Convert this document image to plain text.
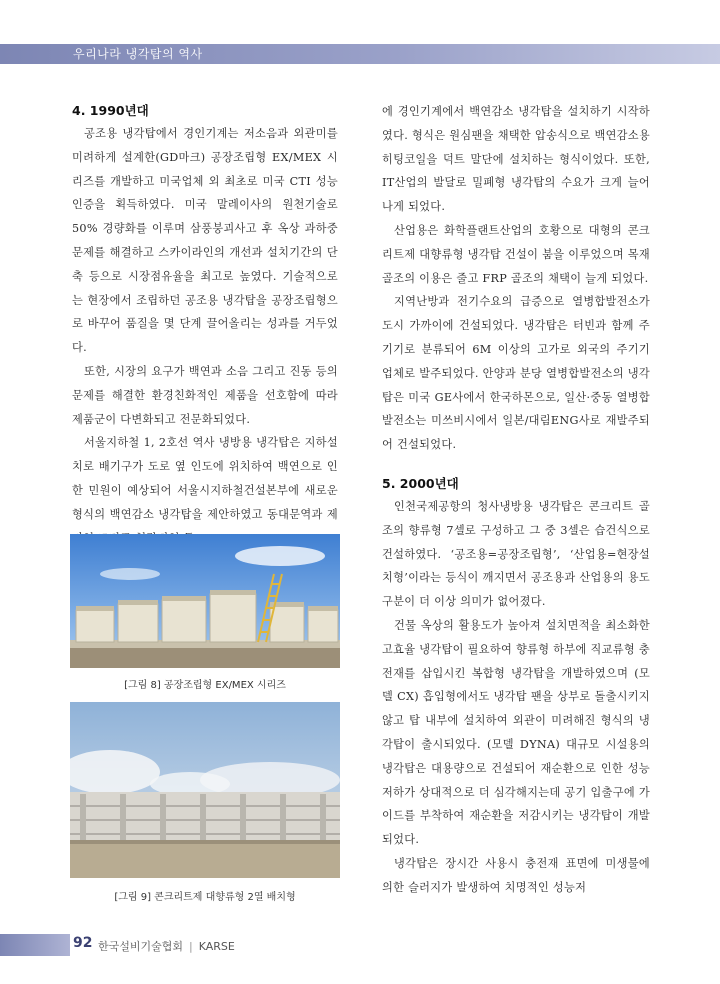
우리나라 냉각탑의 역사
4. 1990년대

공조용 냉각탑에서 경인기계는 저소음과 외관미를 미려하게 설계한(GD마크) 공장조립형 EX/MEX 시리즈를 개발하고 미국업체 외 최초로 미국 CTI 성능인증을 획득하였다. 미국 말레이사의 원천기술로 50% 경량화를 이루며 삼풍붕괴사고 후 옥상 과하중 문제를 해결하고 스카이라인의 개선과 설치기간의 단축 등으로 시장점유율을 최고로 높였다. 기술적으로는 현장에서 조립하던 공조용 냉각탑을 공장조립형으로 바꾸어 품질을 몇 단계 끌어올리는 성과를 거두었다.

또한, 시장의 요구가 백연과 소음 그리고 진동 등의 문제를 해결한 환경친화적인 제품을 선호함에 따라 제품군이 다변화되고 전문화되었다.

서울지하철 1, 2호선 역사 냉방용 냉각탑은 지하설치로 배기구가 도로 옆 인도에 위치하여 백연으로 인한 민원이 예상되어 서울시지하철건설본부에 새로운 형식의 백연감소 냉각탑을 제안하였고 동대문역과 제

[그림 8] 공장조립형 EX/MEX 시리즈
[그림 9] 콘크리트제 대향류형 2열 배치형

에 경인기계에서 백연감소 냉각탑을 설치하기 시작하였다. 형식은 원심팬을 채택한 압송식으로 백연감소용 히팅코일을 덕트 말단에 설치하는 형식이었다. 또한, IT산업의 발달로 밀폐형 냉각탑의 수요가 크게 늘어나게 되었다.

산업용은 화학플랜트산업의 호황으로 대형의 콘크리트제 대향류형 냉각탑 건설이 붐을 이루었으며 목재 골조의 이용은 줄고 FRP 골조의 채택이 늘게 되었다.

지역난방과 전기수요의 급증으로 열병합발전소가 도시 가까이에 건설되었다. 냉각탑은 터빈과 함께 주기기로 분류되어 6M 이상의 고가로 외국의 주기기 업체로 발주되었다. 안양과 분당 열병합발전소의 냉각탑은 미국 GE사에서 한국하몬으로, 일산·중동 열병합발전소는 미쓰비시에서 일본/대림ENG사로 재발주되어 건설되었다.

5. 2000년대

인천국제공항의 청사냉방용 냉각탑은 콘크리트 골조의 향류형 7셀로 구성하고 그 중 3셀은 습건식으로 건설하였다. ‘공조용=공장조립형’, ‘산업용=현장설치형’이라는 등식이 깨지면서 공조용과 산업용의 용도 구분이 더 이상 의미가 없어졌다.

건물 옥상의 활용도가 높아져 설치면적을 최소화한 고효율 냉각탑이 필요하여 향류형 하부에 직교류형 충전재를 삽입시킨 복합형 냉각탑을 개발하였으며 (모델 CX) 흡입형에서도 냉각탑 팬을 상부로 돌출시키지 않고 탑 내부에 설치하여 외관이 미려해진 형식의 냉각탑이 출시되었다. (모델 DYNA) 대규모 시설용의 냉각탑은 대용량으로 건설되어 재순환으로 인한 성능저하가 상대적으로 더 심각해지는데 공기 입출구에 가이드를 부착하여 재순환을 저감시키는 냉각탑이 개발되었다.

냉각탑은 장시간 사용시 충전재 표면에 미생물에 의한 슬러지가 발생하여 치명적인 성능저

92 한국설비기술협회 | KARSE
